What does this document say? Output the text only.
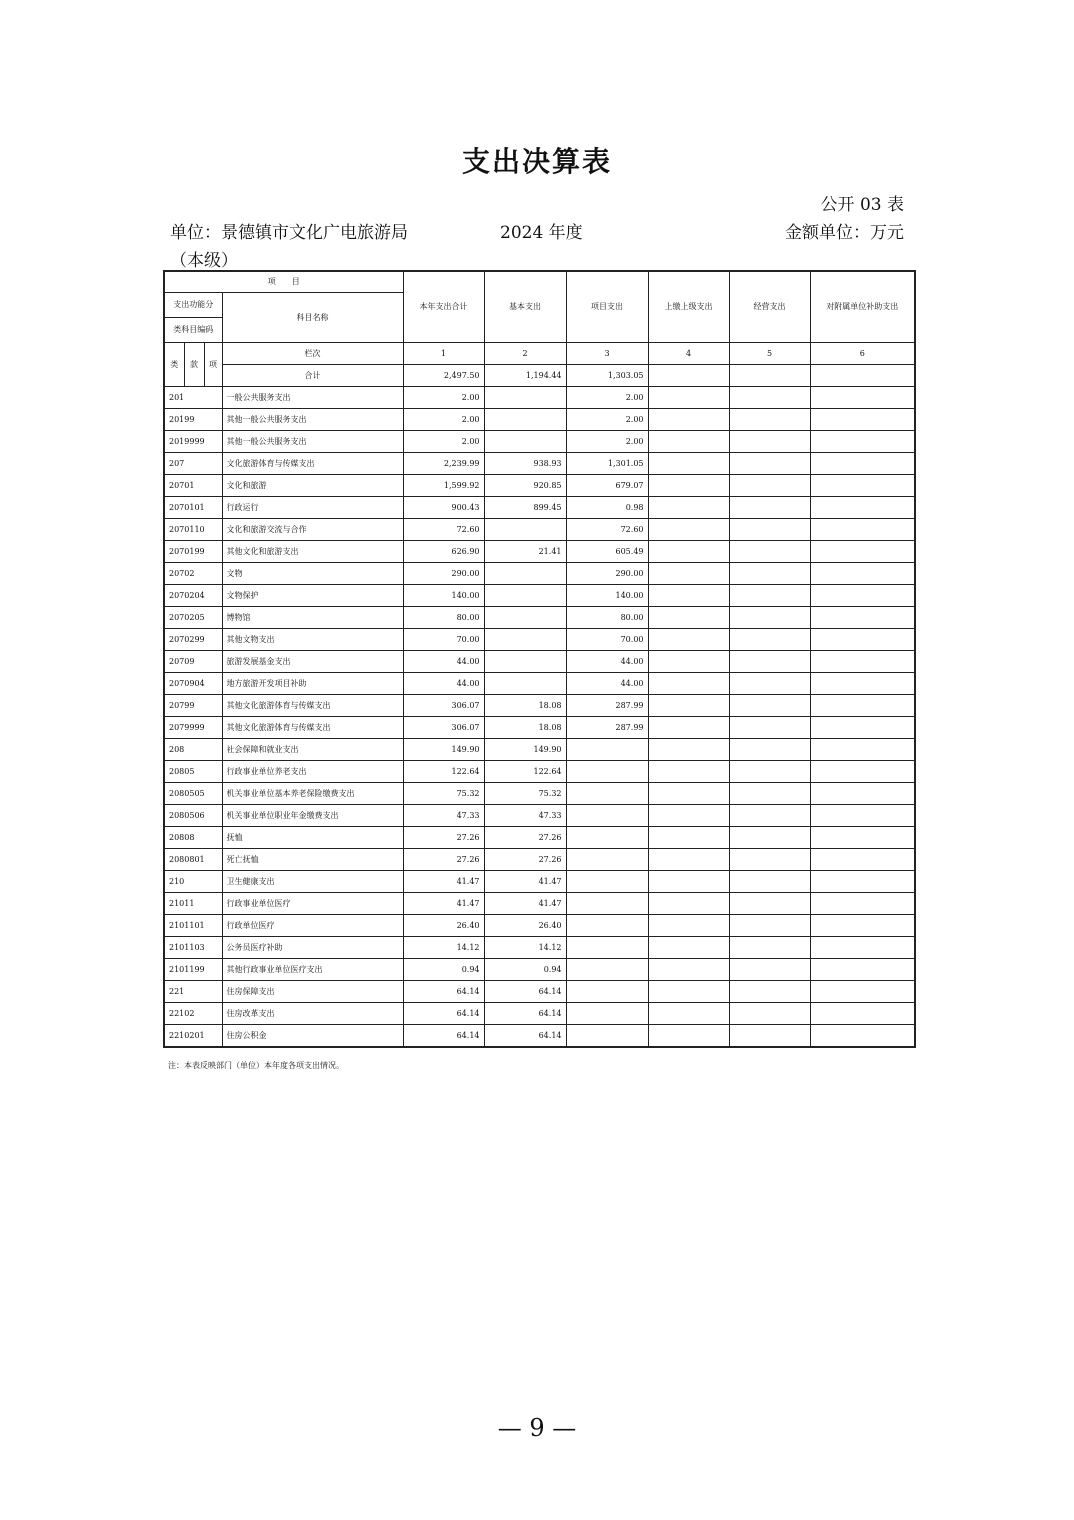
支出决算表
公开 03 表
单位：景德镇市文化广电旅游局	2024 年度	金额单位：万元
（本级）
项　　目				本年支出合计	基本支出	项目支出	上缴上级支出	经营支出	对附属单位补助支出
支出功能分			科目名称						
类科目编码									
类	款	项	栏次	1	2	3	4	5	6
			合计	2,497.50	1,194.44	1,303.05			
201			一般公共服务支出	2.00		2.00			
20199			其他一般公共服务支出	2.00		2.00			
2019999			其他一般公共服务支出	2.00		2.00			
207			文化旅游体育与传媒支出	2,239.99	938.93	1,301.05			
20701			文化和旅游	1,599.92	920.85	679.07			
2070101			行政运行	900.43	899.45	0.98			
2070110			文化和旅游交流与合作	72.60		72.60			
2070199			其他文化和旅游支出	626.90	21.41	605.49			
20702			文物	290.00		290.00			
2070204			文物保护	140.00		140.00			
2070205			博物馆	80.00		80.00			
2070299			其他文物支出	70.00		70.00			
20709			旅游发展基金支出	44.00		44.00			
2070904			地方旅游开发项目补助	44.00		44.00			
20799			其他文化旅游体育与传媒支出	306.07	18.08	287.99			
2079999			其他文化旅游体育与传媒支出	306.07	18.08	287.99			
208			社会保障和就业支出	149.90	149.90				
20805			行政事业单位养老支出	122.64	122.64				
2080505			机关事业单位基本养老保险缴费支出	75.32	75.32				
2080506			机关事业单位职业年金缴费支出	47.33	47.33				
20808			抚恤	27.26	27.26				
2080801			死亡抚恤	27.26	27.26				
210			卫生健康支出	41.47	41.47				
21011			行政事业单位医疗	41.47	41.47				
2101101			行政单位医疗	26.40	26.40				
2101103			公务员医疗补助	14.12	14.12				
2101199			其他行政事业单位医疗支出	0.94	0.94				
221			住房保障支出	64.14	64.14				
22102			住房改革支出	64.14	64.14				
2210201			住房公积金	64.14	64.14				
注：本表反映部门（单位）本年度各项支出情况。
— 9 —
